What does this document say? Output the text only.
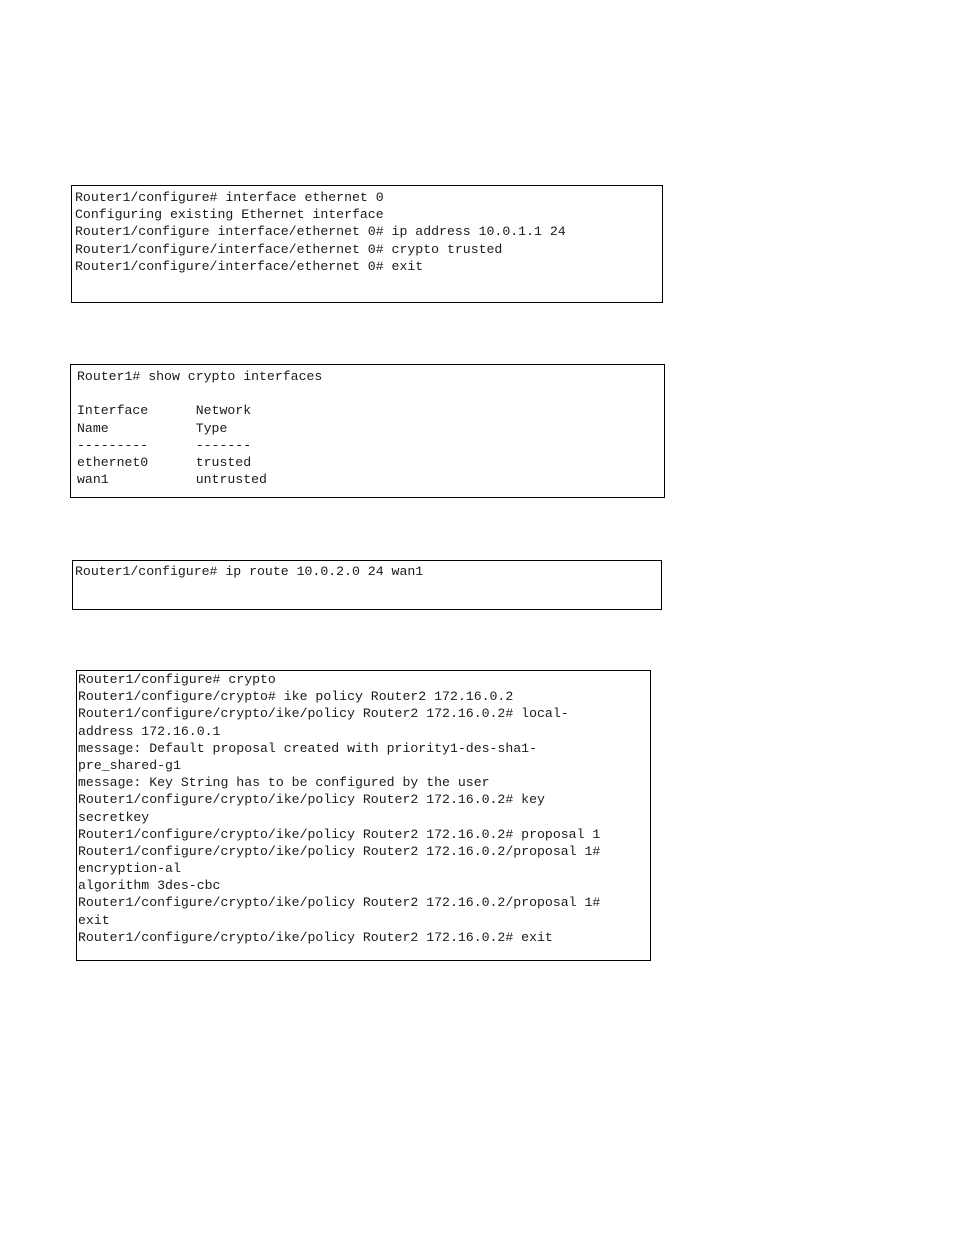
Router1/configure# interface ethernet 0
Configuring existing Ethernet interface
Router1/configure interface/ethernet 0# ip address 10.0.1.1 24
Router1/configure/interface/ethernet 0# crypto trusted
Router1/configure/interface/ethernet 0# exit
Router1# show crypto interfaces
Interface      Network
Name           Type
---------      -------
ethernet0      trusted
wan1           untrusted
Router1/configure# ip route 10.0.2.0 24 wan1
Router1/configure# crypto
Router1/configure/crypto# ike policy Router2 172.16.0.2
Router1/configure/crypto/ike/policy Router2 172.16.0.2# local-
address 172.16.0.1
message: Default proposal created with priority1-des-sha1-
pre_shared-g1
message: Key String has to be configured by the user
Router1/configure/crypto/ike/policy Router2 172.16.0.2# key
secretkey
Router1/configure/crypto/ike/policy Router2 172.16.0.2# proposal 1
Router1/configure/crypto/ike/policy Router2 172.16.0.2/proposal 1#
encryption-al
algorithm 3des-cbc
Router1/configure/crypto/ike/policy Router2 172.16.0.2/proposal 1#
exit
Router1/configure/crypto/ike/policy Router2 172.16.0.2# exit
